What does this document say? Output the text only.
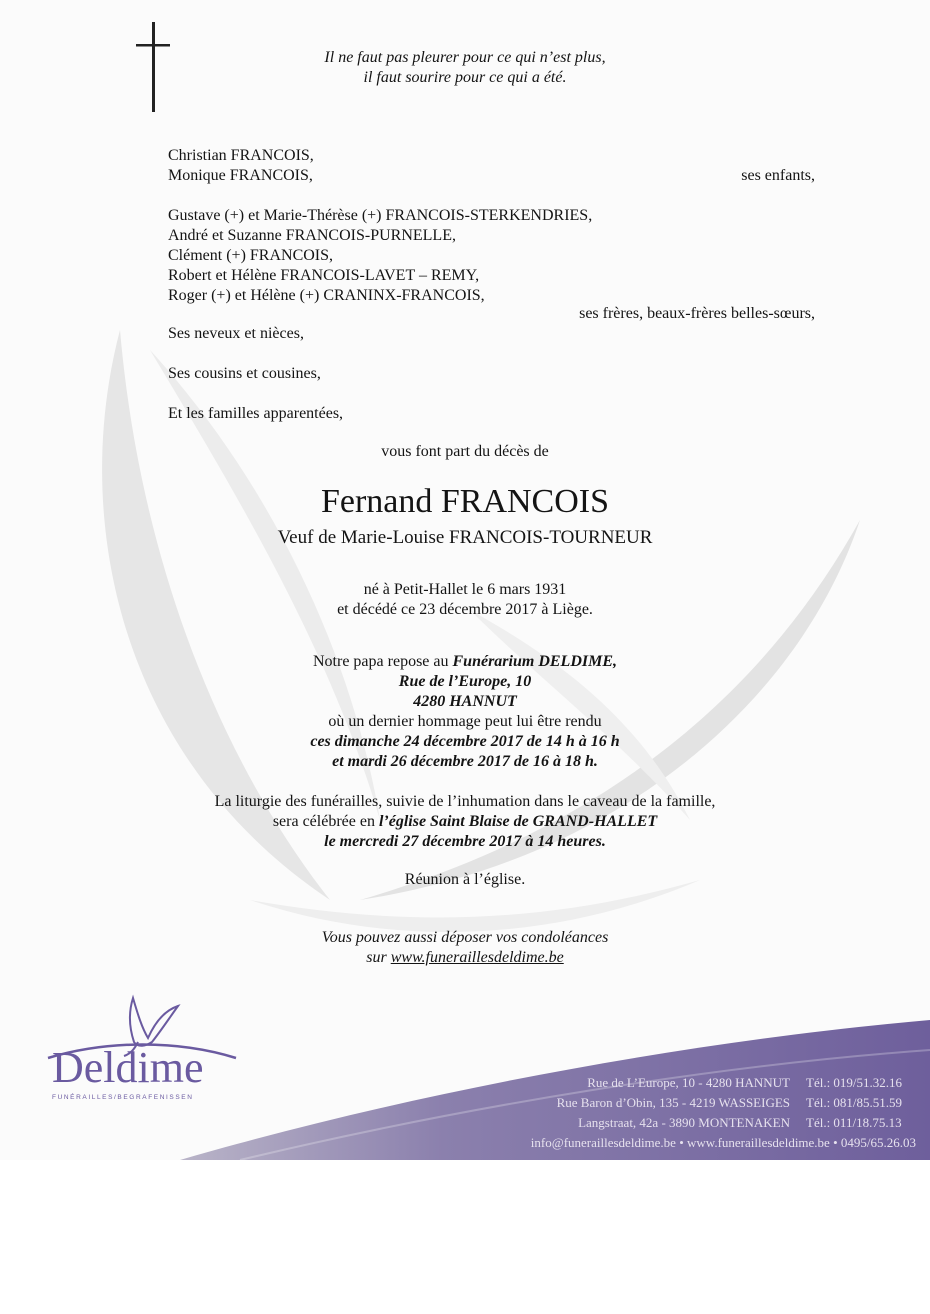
Il ne faut pas pleurer pour ce qui n’est plus,
il faut sourire pour ce qui a été.
Christian FRANCOIS,
Monique FRANCOIS,	ses enfants,
Gustave (+) et Marie-Thérèse (+) FRANCOIS-STERKENDRIES,
André et Suzanne FRANCOIS-PURNELLE,
Clément (+) FRANCOIS,
Robert et Hélène FRANCOIS-LAVET – REMY,
Roger (+) et Hélène (+) CRANINX-FRANCOIS,
ses frères, beaux-frères belles-sœurs,
Ses neveux et nièces,
Ses cousins et cousines,
Et les familles apparentées,
vous font part du décès de
Fernand FRANCOIS
Veuf de Marie-Louise FRANCOIS-TOURNEUR
né à Petit-Hallet le 6 mars 1931
et décédé ce 23 décembre 2017 à Liège.
Notre papa repose au Funérarium DELDIME,
Rue de l’Europe, 10
4280 HANNUT
où un dernier hommage peut lui être rendu
ces dimanche 24 décembre 2017 de 14 h à 16 h
et mardi 26 décembre 2017 de 16 à 18 h.
La liturgie des funérailles, suivie de l’inhumation dans le caveau de la famille,
sera célébrée en l’église Saint Blaise de GRAND-HALLET
le mercredi 27 décembre 2017 à 14 heures.
Réunion à l’église.
Vous pouvez aussi déposer vos condoléances
sur www.funeraillesdeldime.be
Deldime
FUNÉRAILLES/BEGRAFENISSEN
Rue de L’Europe, 10 - 4280 HANNUT Tél.: 019/51.32.16
Rue Baron d’Obin, 135 - 4219 WASSEIGES Tél.: 081/85.51.59
Langstraat, 42a - 3890 MONTENAKEN Tél.: 011/18.75.13
info@funeraillesdeldime.be • www.funeraillesdeldime.be • 0495/65.26.03
